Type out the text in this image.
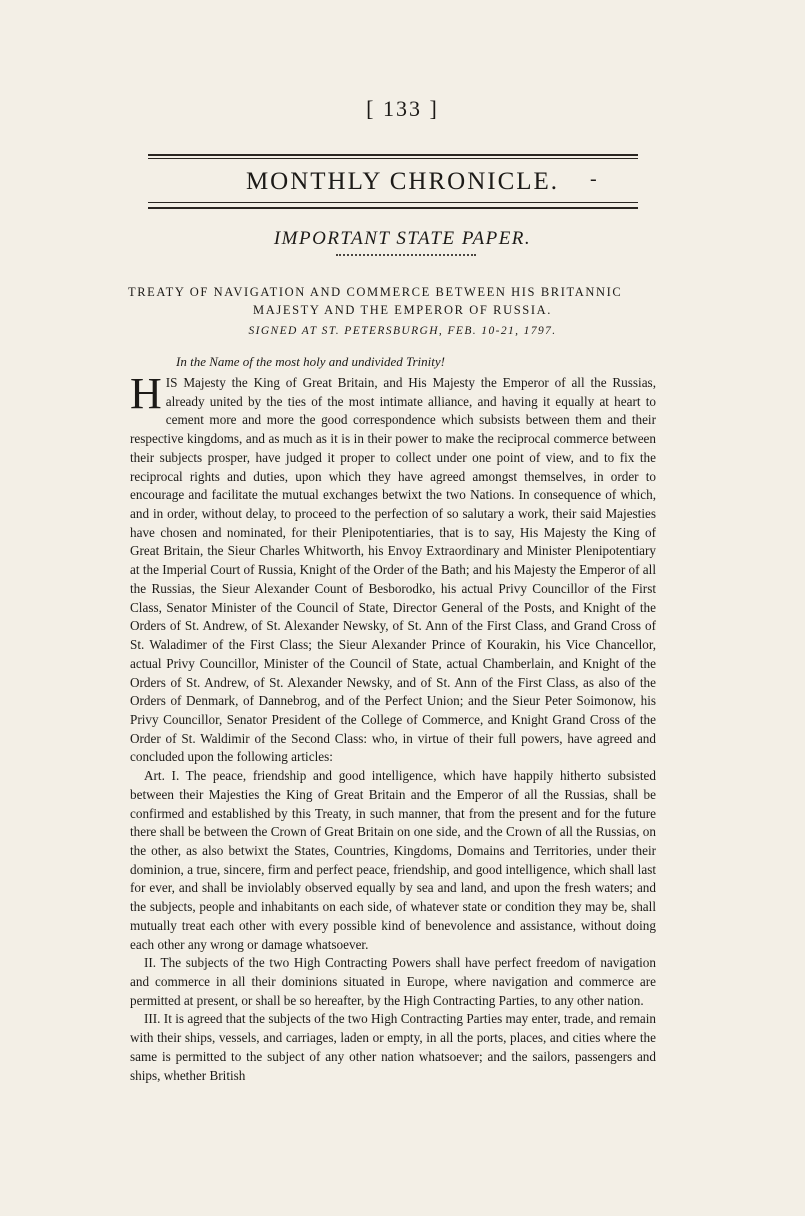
[ 133 ]
MONTHLY CHRONICLE.	-
IMPORTANT STATE PAPER.
TREATY OF NAVIGATION AND COMMERCE BETWEEN HIS BRITANNIC
MAJESTY AND THE EMPEROR OF RUSSIA.
SIGNED AT ST. PETERSBURGH, FEB. 10-21, 1797.
In the Name of the most holy and undivided Trinity!

HIS Majesty the King of Great Britain, and His Majesty the Emperor of all the Russias, already united by the ties of the most intimate alliance, and having it equally at heart to cement more and more the good correspondence which subsists between them and their respective kingdoms, and as much as it is in their power to make the reciprocal commerce between their subjects prosper, have judged it proper to collect under one point of view, and to fix the reciprocal rights and duties, upon which they have agreed amongst themselves, in order to encourage and facilitate the mutual exchanges betwixt the two Nations. In consequence of which, and in order, without delay, to proceed to the perfection of so salutary a work, their said Majesties have chosen and nominated, for their Plenipotentiaries, that is to say, His Majesty the King of Great Britain, the Sieur Charles Whitworth, his Envoy Extraordinary and Minister Plenipotentiary at the Imperial Court of Russia, Knight of the Order of the Bath; and his Majesty the Emperor of all the Russias, the Sieur Alexander Count of Besborodko, his actual Privy Councillor of the First Class, Senator Minister of the Council of State, Director General of the Posts, and Knight of the Orders of St. Andrew, of St. Alexander Newsky, of St. Ann of the First Class, and Grand Cross of St. Waladimer of the First Class; the Sieur Alexander Prince of Kourakin, his Vice Chancellor, actual Privy Councillor, Minister of the Council of State, actual Chamberlain, and Knight of the Orders of St. Andrew, of St. Alexander Newsky, and of St. Ann of the First Class, as also of the Orders of Denmark, of Dannebrog, and of the Perfect Union; and the Sieur Peter Soimonow, his Privy Councillor, Senator President of the College of Commerce, and Knight Grand Cross of the Order of St. Waldimir of the Second Class: who, in virtue of their full powers, have agreed and concluded upon the following articles:

Art. I. The peace, friendship and good intelligence, which have happily hitherto subsisted between their Majesties the King of Great Britain and the Emperor of all the Russias, shall be confirmed and established by this Treaty, in such manner, that from the present and for the future there shall be between the Crown of Great Britain on one side, and the Crown of all the Russias, on the other, as also betwixt the States, Countries, Kingdoms, Domains and Territories, under their dominion, a true, sincere, firm and perfect peace, friendship, and good intelligence, which shall last for ever, and shall be inviolably observed equally by sea and land, and upon the fresh waters; and the subjects, people and inhabitants on each side, of whatever state or condition they may be, shall mutually treat each other with every possible kind of benevolence and assistance, without doing each other any wrong or damage whatsoever.

II. The subjects of the two High Contracting Powers shall have perfect freedom of navigation and commerce in all their dominions situated in Europe, where navigation and commerce are permitted at present, or shall be so hereafter, by the High Contracting Parties, to any other nation.

III. It is agreed that the subjects of the two High Contracting Parties may enter, trade, and remain with their ships, vessels, and carriages, laden or empty, in all the ports, places, and cities where the same is permitted to the subject of any other nation whatsoever; and the sailors, passengers and ships, whether British
